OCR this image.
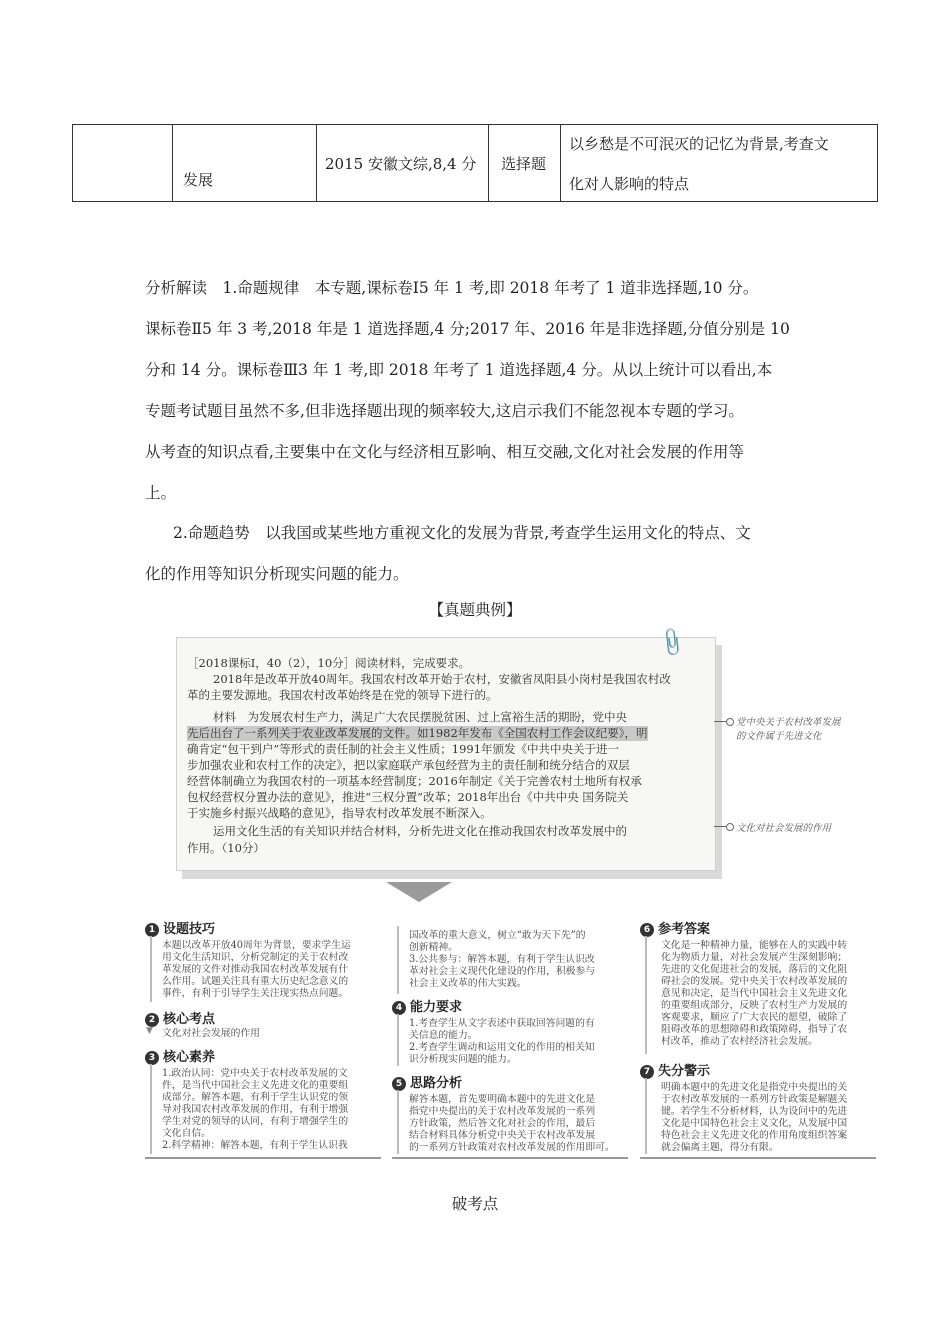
发展
2015 安徽文综,8,4 分 选择题
以乡愁是不可泯灭的记忆为背景,考查文
化对人影响的特点
分析解读　1.命题规律　本专题,课标卷Ⅰ5 年 1 考,即 2018 年考了 1 道非选择题,10 分。
课标卷Ⅱ5 年 3 考,2018 年是 1 道选择题,4 分;2017 年、2016 年是非选择题,分值分别是 10
分和 14 分。课标卷Ⅲ3 年 1 考,即 2018 年考了 1 道选择题,4 分。从以上统计可以看出,本
专题考试题目虽然不多,但非选择题出现的频率较大,这启示我们不能忽视本专题的学习。
从考查的知识点看,主要集中在文化与经济相互影响、相互交融,文化对社会发展的作用等
上。
2.命题趋势　以我国或某些地方重视文化的发展为背景,考查学生运用文化的特点、文
化的作用等知识分析现实问题的能力。
【真题典例】
［2018课标Ⅰ，40（2），10分］阅读材料，完成要求。
2018年是改革开放40周年。我国农村改革开始于农村，安徽省凤阳县小岗村是我国农村改
革的主要发源地。我国农村改革始终是在党的领导下进行的。
材料　为发展农村生产力，满足广大农民摆脱贫困、过上富裕生活的期盼，党中央
先后出台了一系列关于农业改革发展的文件。如1982年发布《全国农村工作会议纪要》，明
确肯定“包干到户”等形式的责任制的社会主义性质；1991年颁发《中共中央关于进一
步加强农业和农村工作的决定》，把以家庭联产承包经营为主的责任制和统分结合的双层
经营体制确立为我国农村的一项基本经营制度；2016年制定《关于完善农村土地所有权承
包权经营权分置办法的意见》，推进“三权分置”改革；2018年出台《中共中央 国务院关
于实施乡村振兴战略的意见》，指导农村改革发展不断深入。
运用文化生活的有关知识并结合材料，分析先进文化在推动我国农村改革发展中的
作用。（10分）
📎
党中央关于农村改革发展
的文件属于先进文化
文化对社会发展的作用
1 设题技巧
本题以改革开放40周年为背景，要求学生运
用文化生活知识，分析党制定的关于农村改
革发展的文件对推动我国农村改革发展有什
么作用。试题关注具有重大历史纪念意义的
事件，有利于引导学生关注现实热点问题。
2 核心考点
文化对社会发展的作用
▼
3 核心素养
1.政治认同：党中央关于农村改革发展的文
件，是当代中国社会主义先进文化的重要组
成部分。解答本题，有利于学生认识党的领
导对我国农村改革发展的作用，有利于增强
学生对党的领导的认同，有利于增强学生的
文化自信。
2.科学精神：解答本题，有利于学生认识我
国改革的重大意义，树立“敢为天下先”的
创新精神。
3.公共参与：解答本题，有利于学生认识改
革对社会主义现代化建设的作用，积极参与
社会主义改革的伟大实践。
4 能力要求
1.考查学生从文字表述中获取回答问题的有
关信息的能力。
2.考查学生调动和运用文化的作用的相关知
识分析现实问题的能力。
5 思路分析
解答本题，首先要明确本题中的先进文化是
指党中央提出的关于农村改革发展的一系列
方针政策，然后答文化对社会的作用，最后
结合材料具体分析党中央关于农村改革发展
的一系列方针政策对农村改革发展的作用即可。
6 参考答案
文化是一种精神力量，能够在人的实践中转
化为物质力量，对社会发展产生深刻影响；
先进的文化促进社会的发展，落后的文化阻
碍社会的发展。党中央关于农村改革发展的
意见和决定，是当代中国社会主义先进文化
的重要组成部分，反映了农村生产力发展的
客观要求，顺应了广大农民的愿望，破除了
阻碍改革的思想障碍和政策障碍，指导了农
村改革，推动了农村经济社会发展。
7 失分警示
明确本题中的先进文化是指党中央提出的关
于农村改革发展的一系列方针政策是解题关
键。若学生不分析材料，认为设问中的先进
文化是中国特色社会主义文化，从发展中国
特色社会主义先进文化的作用角度组织答案
就会偏离主题，得分有限。
破考点
